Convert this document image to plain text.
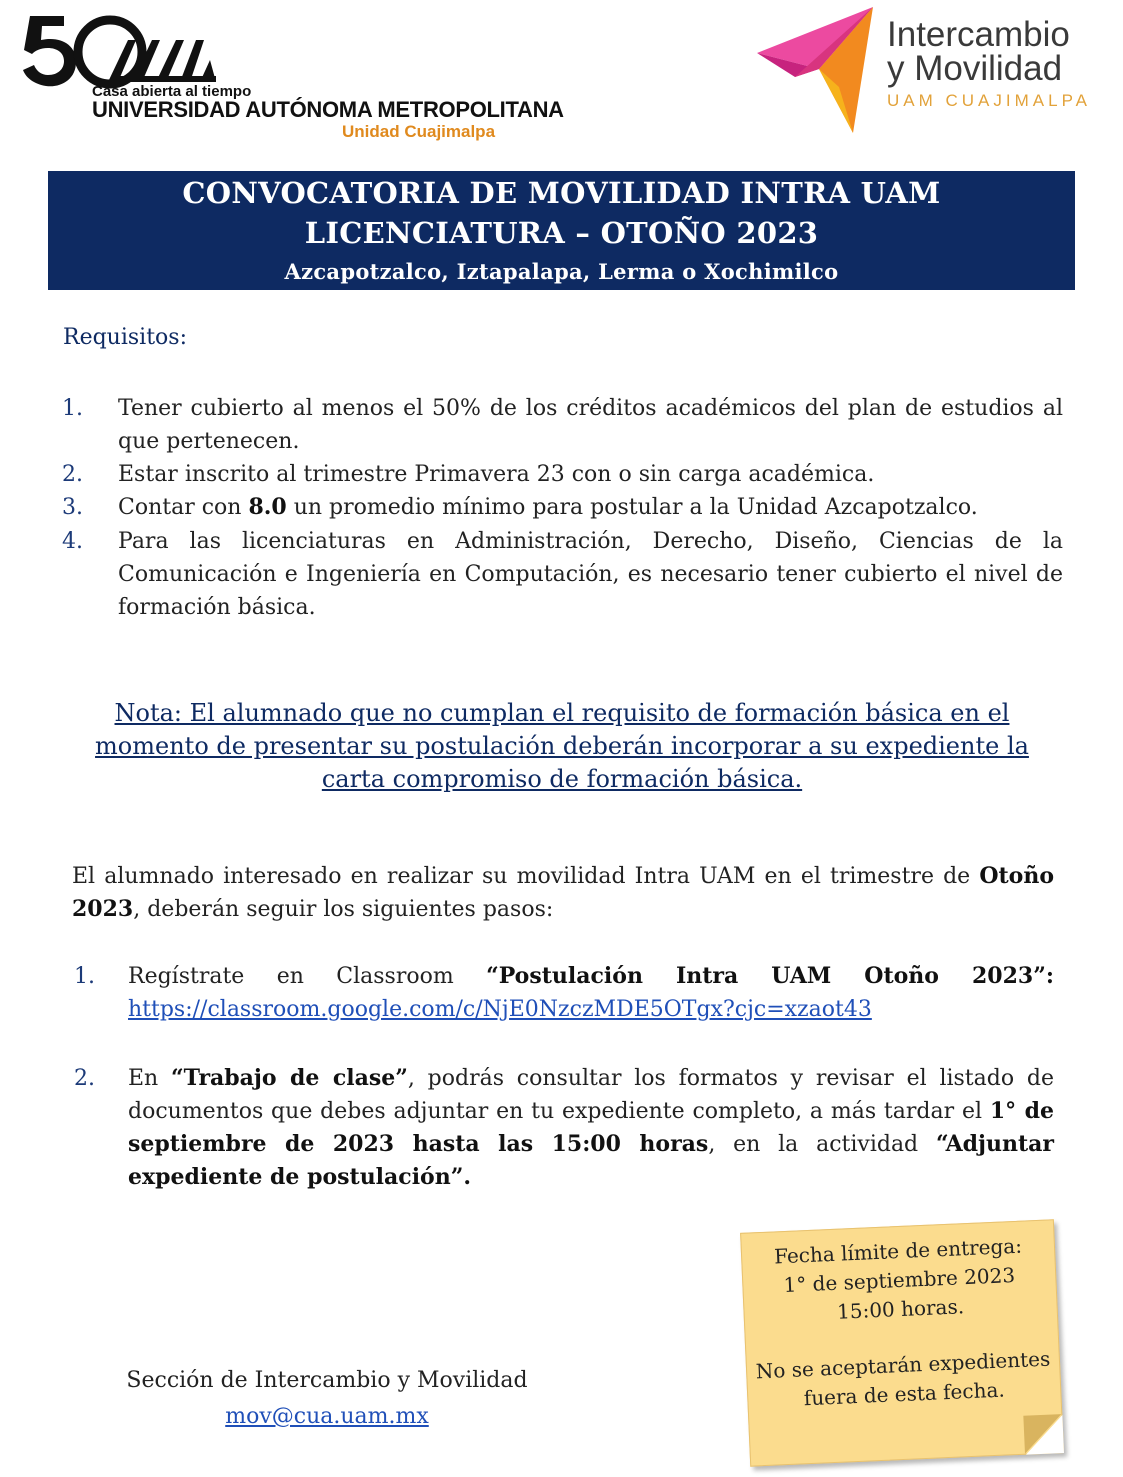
Casa abierta al tiempo
UNIVERSIDAD AUTÓNOMA METROPOLITANA
Unidad Cuajimalpa
Intercambio
y Movilidad
UAM CUAJIMALPA
CONVOCATORIA DE MOVILIDAD INTRA UAM
LICENCIATURA – OTOÑO 2023
Azcapotzalco, Iztapalapa, Lerma o Xochimilco
Requisitos:
1. Tener cubierto al menos el 50% de los créditos académicos del plan de estudios al que pertenecen.
2. Estar inscrito al trimestre Primavera 23 con o sin carga académica.
3. Contar con 8.0 un promedio mínimo para postular a la Unidad Azcapotzalco.
4. Para las licenciaturas en Administración, Derecho, Diseño, Ciencias de la Comunicación e Ingeniería en Computación, es necesario tener cubierto el nivel de formación básica.
Nota: El alumnado que no cumplan el requisito de formación básica en el momento de presentar su postulación deberán incorporar a su expediente la carta compromiso de formación básica.
El alumnado interesado en realizar su movilidad Intra UAM en el trimestre de Otoño 2023, deberán seguir los siguientes pasos:
1. Regístrate en Classroom “Postulación Intra UAM Otoño 2023”:
https://classroom.google.com/c/NjE0NzczMDE5OTgx?cjc=xzaot43
2. En “Trabajo de clase”, podrás consultar los formatos y revisar el listado de documentos que debes adjuntar en tu expediente completo, a más tardar el 1° de septiembre de 2023 hasta las 15:00 horas, en la actividad “Adjuntar expediente de postulación”.
Fecha límite de entrega:
1° de septiembre 2023
15:00 horas.
No se aceptarán expedientes
fuera de esta fecha.
Sección de Intercambio y Movilidad
mov@cua.uam.mx
